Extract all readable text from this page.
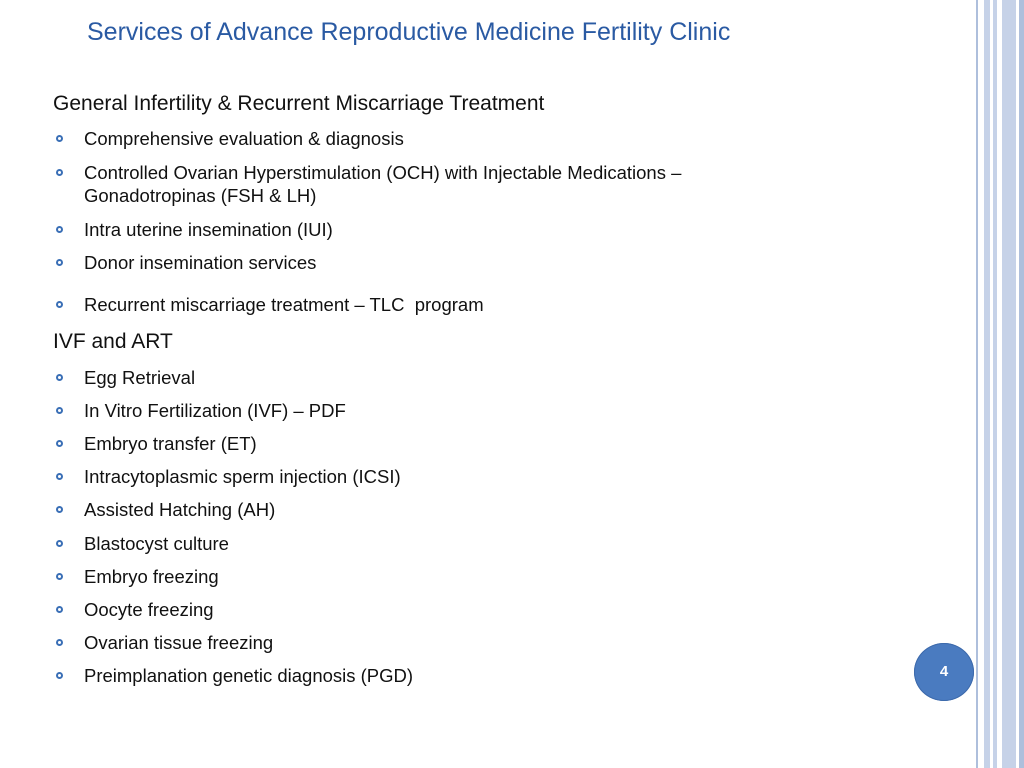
Services of Advance Reproductive Medicine Fertility Clinic
General Infertility & Recurrent Miscarriage Treatment
Comprehensive evaluation & diagnosis
Controlled Ovarian Hyperstimulation (OCH) with Injectable Medications –
Gonadotropinas (FSH & LH)
Intra uterine insemination (IUI)
Donor insemination services
Recurrent miscarriage treatment – TLC  program
IVF and ART
Egg Retrieval
In Vitro Fertilization (IVF) – PDF
Embryo transfer (ET)
Intracytoplasmic sperm injection (ICSI)
Assisted Hatching (AH)
Blastocyst culture
Embryo freezing
Oocyte freezing
Ovarian tissue freezing
Preimplanation genetic diagnosis (PGD)	4
